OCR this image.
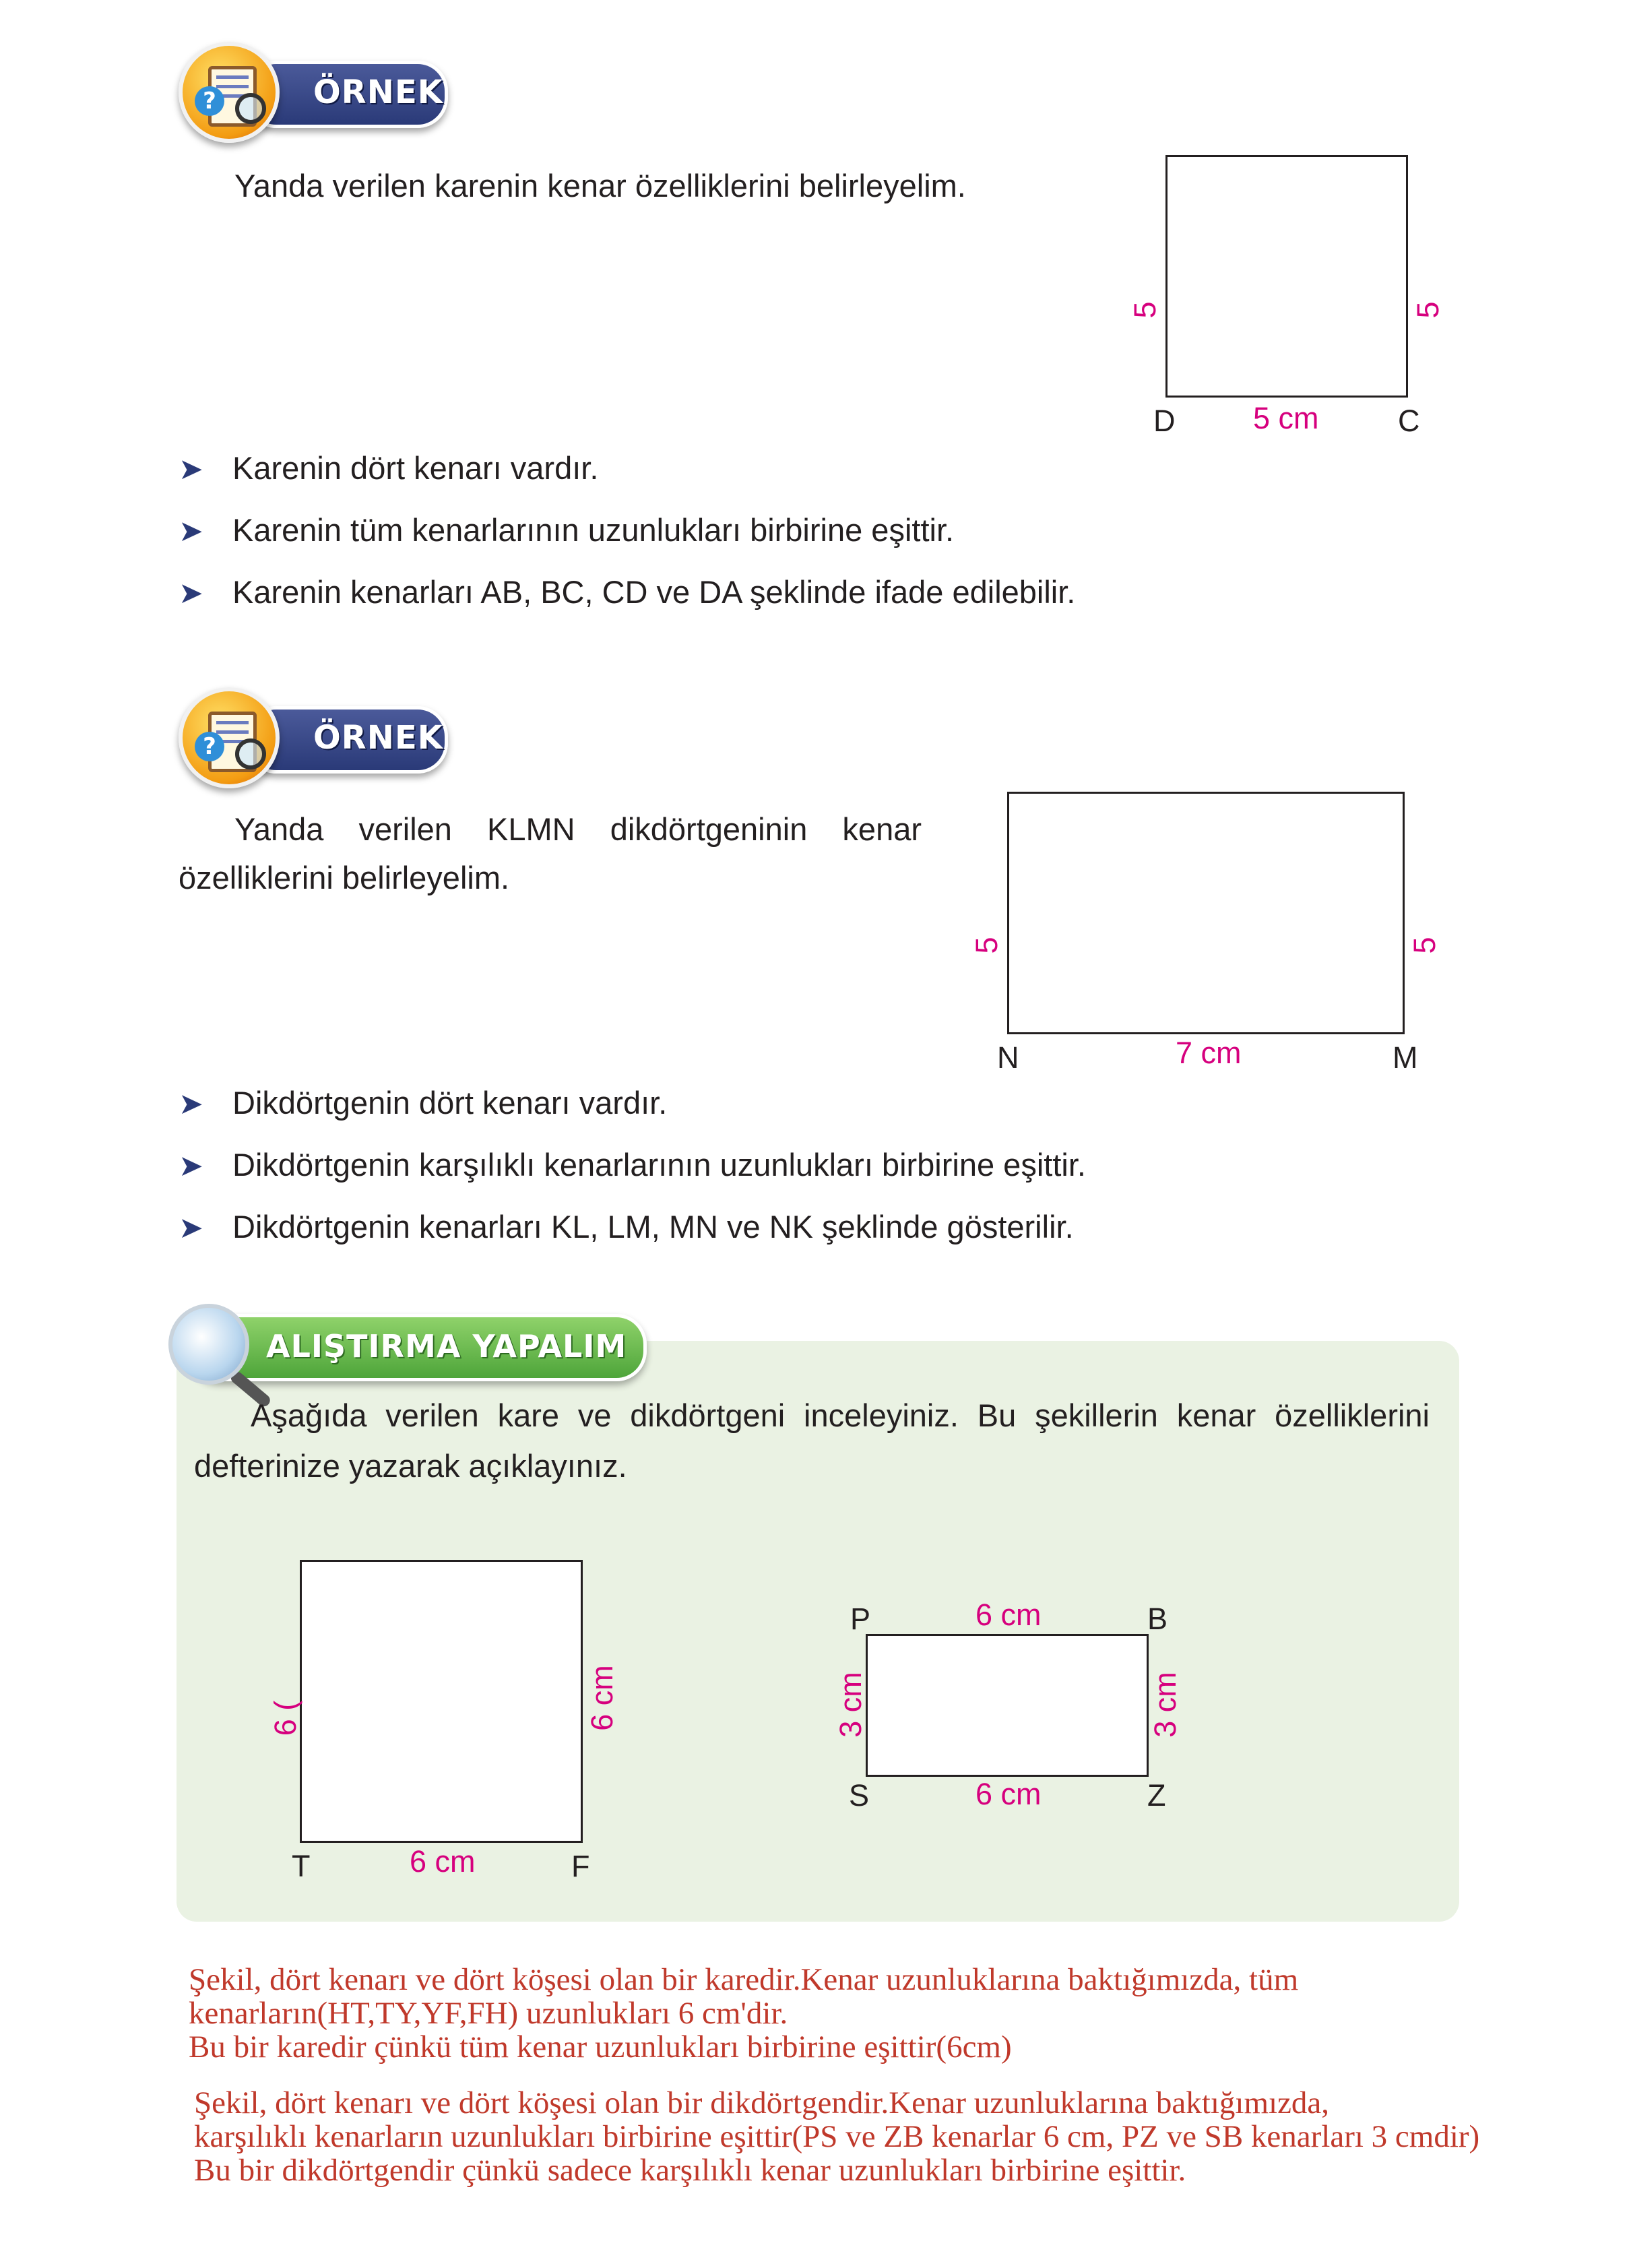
ÖRNEK
?
Yanda verilen karenin kenar özelliklerini belirleyelim.
5	5
5 cm
D	C
➤ Karenin dört kenarı vardır.
➤ Karenin tüm kenarlarının uzunlukları birbirine eşittir.
➤ Karenin kenarları AB, BC, CD ve DA şeklinde ifade edilebilir.
ÖRNEK
?
Yanda verilen KLMN dikdörtgeninin kenar
özelliklerini belirleyelim.
5	5
7 cm
N	M
➤ Dikdörtgenin dört kenarı vardır.
➤ Dikdörtgenin karşılıklı kenarlarının uzunlukları birbirine eşittir.
➤ Dikdörtgenin kenarları KL, LM, MN ve NK şeklinde gösterilir.
ALIŞTIRMA YAPALIM
Aşağıda verilen kare ve dikdörtgeni inceleyiniz. Bu şekillerin kenar özelliklerini
defterinize yazarak açıklayınız.
6 (	6 cm
6 cm
T	F
6 cm
6 cm
3 cm	3 cm
P	B
S	Z
Şekil, dört kenarı ve dört köşesi olan bir karedir.Kenar uzunluklarına baktığımızda, tüm
kenarların(HT,TY,YF,FH) uzunlukları 6 cm'dir.
Bu bir karedir çünkü tüm kenar uzunlukları birbirine eşittir(6cm)
Şekil, dört kenarı ve dört köşesi olan bir dikdörtgendir.Kenar uzunluklarına baktığımızda,
karşılıklı kenarların uzunlukları birbirine eşittir(PS ve ZB kenarlar 6 cm, PZ ve SB kenarları 3 cmdir)
Bu bir dikdörtgendir çünkü sadece karşılıklı kenar uzunlukları birbirine eşittir.
